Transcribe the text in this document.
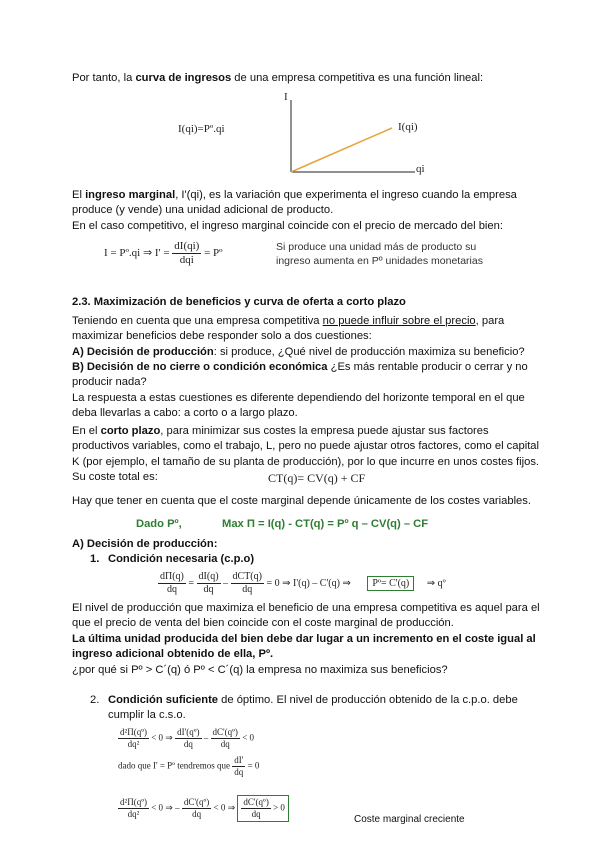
Por tanto, la curva de ingresos de una empresa competitiva es una función lineal:

I(qi)=Pº.qi
I
qi
I(qi)

El ingreso marginal, I'(qi), es la variación que experimenta el ingreso cuando la empresa produce (y vende) una unidad adicional de producto.

En el caso competitivo, el ingreso marginal coincide con el precio de mercado del bien:

I = Pº.qi ⇒ $I' = \frac{dI(qi)}{\text{dqi}}$ = Pº

Si produce una unidad más de producto su ingreso aumenta en Pº unidades monetarias

2.3. Maximización de beneficios y curva de oferta a corto plazo

Teniendo en cuenta que una empresa competitiva no puede influir sobre el precio, para maximizar beneficios debe responder solo a dos cuestiones:

A) Decisión de producción: si produce, ¿Qué nivel de producción maximiza su beneficio?

B) Decisión de no cierre o condición económica ¿Es más rentable producir o cerrar y no producir nada?

La respuesta a estas cuestiones es diferente dependiendo del horizonte temporal en el que deba llevarlas a cabo: a corto o a largo plazo.

En el corto plazo, para minimizar sus costes la empresa puede ajustar sus factores productivos variables, como el trabajo, L, pero no puede ajustar otros factores, como el capital K (por ejemplo, el tamaño de su planta de producción), por lo que incurre en unos costes fijos. Su coste total es:	CT(q)= CV(q) + CF

Hay que tener en cuenta que el coste marginal depende únicamente de los costes variables.

Dado Pº,	Max Π = I(q) - CT(q) = Pº q – CV(q) – CF

A) Decisión de producción:

1. Condición necesaria (c.p.o)
$\frac{d\Pi(q)}{dq} = \frac{dI(q)}{dq} - \frac{\text{dCT(q)}}{dq} = 0$ ⇒ I'(q) – C'(q) ⇒ Pº= C'(q) ⇒ qº

El nivel de producción que maximiza el beneficio de una empresa competitiva es aquel para el que el precio de venta del bien coincide con el coste marginal de producción.

La última unidad producida del bien debe dar lugar a un incremento en el coste igual al ingreso adicional obtenido de ella, Pº.

¿por qué si Pº > C´(q) ó Pº < C´(q) la empresa no maximiza sus beneficios?

2. Condición suficiente de óptimo. El nivel de producción obtenido de la c.p.o. debe cumplir la c.s.o.

$\frac{\text{d²Π(qº)}}{\text{dq²}} < 0$ ⇒ $\frac{\text{dI'(qº)}}{dq} - \frac{\text{dC'(qº)}}{dq} < 0$
dado que I' = Pº tendremos que $\frac{dI'}{dq} = 0$
$\frac{\text{d²Π(qº)}}{\text{dq²}} < 0$ ⇒ – $\frac{\text{dC'(qº)}}{dq} < 0$ ⇒ $\frac{\text{dC'(qº)}}{dq} > 0$
Coste marginal creciente
